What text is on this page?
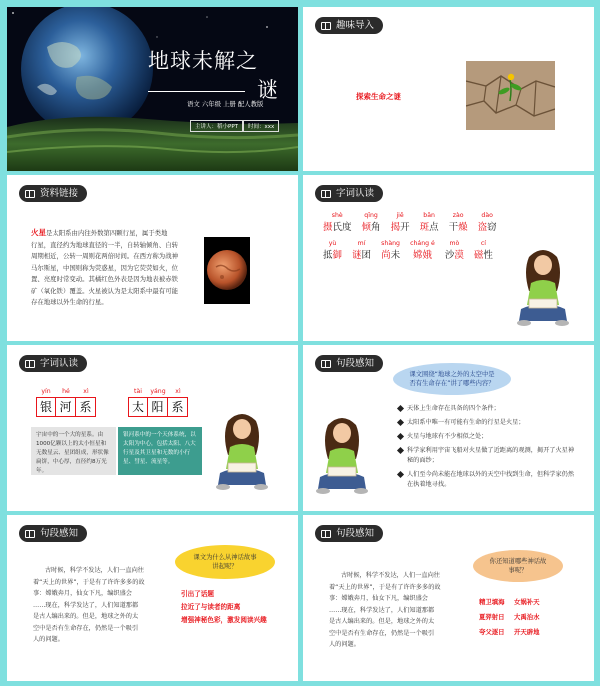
地球未解之
谜
语文 六年级 上册 配人教版
主讲人：稻小PPT	时间：xxx
趣味导入
探索生命之谜
资料链接
火星是太阳系由内往外数第四颗行星，属于类地
行星，直径约为地球直径的一半，自转轴倾角、自转
周期相近，公转一周则花两倍时间。在西方称为战神
马尔斯星，中国则称为荧惑星，因为它荧荧如火，位
置、亮度时常变动。其橘红色外表是因为地表被赤铁
矿（氧化铁）覆盖。火星被认为是太阳系中最有可能
存在地球以外生命的行星。
字词认读
shè
摄氏度
qīng
倾角
jiē
揭开
bān
斑点
zào
干燥
dào
盗窃
yù
抵御
mí
谜团
shàng
尚未
cháng é
嫦娥
mò
沙漠
cí
磁性
字词认读
yín hé xì
银 河 系
tài yáng xì
太 阳 系
宇宙中的一个大的星系。由1000亿颗以上的太小恒星和无数星云、星团组成，形状像扁饼，中心厚，直径约8万光年。
银河系中的一个天体系统，以太阳为中心，包括太阳、八大行星及其卫星和无数的小行星、彗星、流星等。
句段感知
课文围绕“地球之外的太空中是否有生命存在”讲了哪些内容？
天体上生命存在具备的四个条件；
太阳系中唯一有可能有生命的行星是火星；
火星与地球有不少相似之处；
科学家利用宇宙飞船对火星做了近距离的观测，揭开了火星神秘的面纱；
人们至今尚未能在地球以外的天空中找到生命，但科学家仍然在执着地寻找。
句段感知
古时候，科学不发达，人们一直向往
着“天上的世界”，于是有了许许多多的故
事：嫦娥奔月，仙女下凡，编织盛会
……现在，科学发达了，人们知道那都
是古人编出来的。但是，地球之外的太
空中是否有生命存在，仍然是一个吸引
人的问题。
课文为什么从神话故事讲起呢？
引出了话题
拉近了与读者的距离
增强神秘色彩，激发阅读兴趣
句段感知
古时候，科学不发达，人们一直向往
着“天上的世界”，于是有了许许多多的故
事：嫦娥奔月，仙女下凡，编织盛会
……现在，科学发达了，人们知道那都
是古人编出来的。但是，地球之外的太
空中是否有生命存在，仍然是一个吸引
人的问题。
你还知道哪些神话故事呢？
精卫填海 女娲补天
夏羿射日 大禹治水
夸父逐日 开天辟地
